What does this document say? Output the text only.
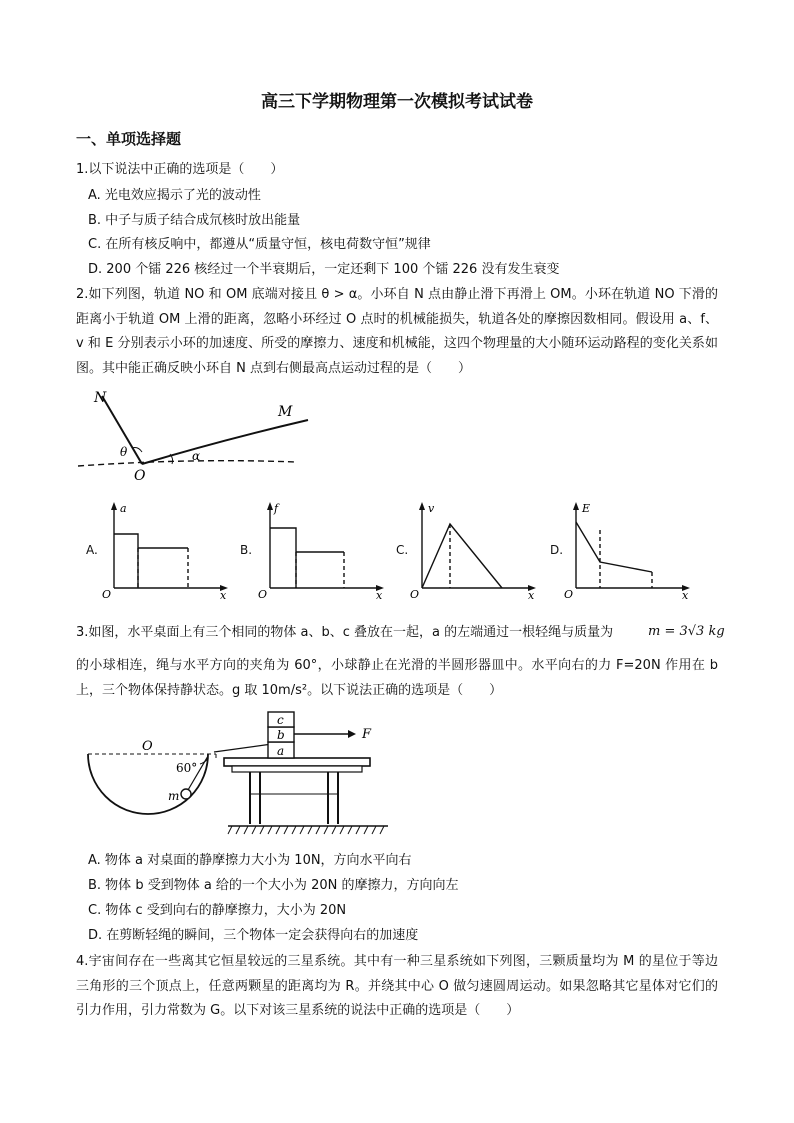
高三下学期物理第一次模拟考试试卷
一、单项选择题
1.以下说法中正确的选项是（　　）
A. 光电效应揭示了光的波动性
B. 中子与质子结合成氘核时放出能量
C. 在所有核反响中，都遵从“质量守恒，核电荷数守恒”规律
D. 200 个镭 226 核经过一个半衰期后，一定还剩下 100 个镭 226 没有发生衰变
2.如下列图，轨道 NO 和 OM 底端对接且 θ > α。小环自 N 点由静止滑下再滑上 OM。小环在轨道 NO 下滑的距离小于轨道 OM 上滑的距离，忽略小环经过 O 点时的机械能损失，轨道各处的摩擦因数相同。假设用 a、f、v 和 E 分别表示小环的加速度、所受的摩擦力、速度和机械能，这四个物理量的大小随环运动路程的变化关系如图。其中能正确反映小环自 N 点到右侧最高点运动过程的是（　　）
N
M
O
θ	α
A.
a
x
O
B.
f
x
O
C.
v
x
O
D.
E
x
O
3.如图，水平桌面上有三个相同的物体 a、b、c 叠放在一起，a 的左端通过一根轻绳与质量为	m = 3√3 kg
的小球相连，绳与水平方向的夹角为 60°，小球静止在光滑的半圆形器皿中。水平向右的力 F=20N 作用在 b 上，三个物体保持静状态。g 取 10m/s²。以下说法正确的选项是（　　）
O
60°
m
a
b
c
F
A. 物体 a 对桌面的静摩擦力大小为 10N，方向水平向右
B. 物体 b 受到物体 a 给的一个大小为 20N 的摩擦力，方向向左
C. 物体 c 受到向右的静摩擦力，大小为 20N
D. 在剪断轻绳的瞬间，三个物体一定会获得向右的加速度
4.宇宙间存在一些离其它恒星较远的三星系统。其中有一种三星系统如下列图，三颗质量均为 M 的星位于等边三角形的三个顶点上，任意两颗星的距离均为 R。并绕其中心 O 做匀速圆周运动。如果忽略其它星体对它们的引力作用，引力常数为 G。以下对该三星系统的说法中正确的选项是（　　）
